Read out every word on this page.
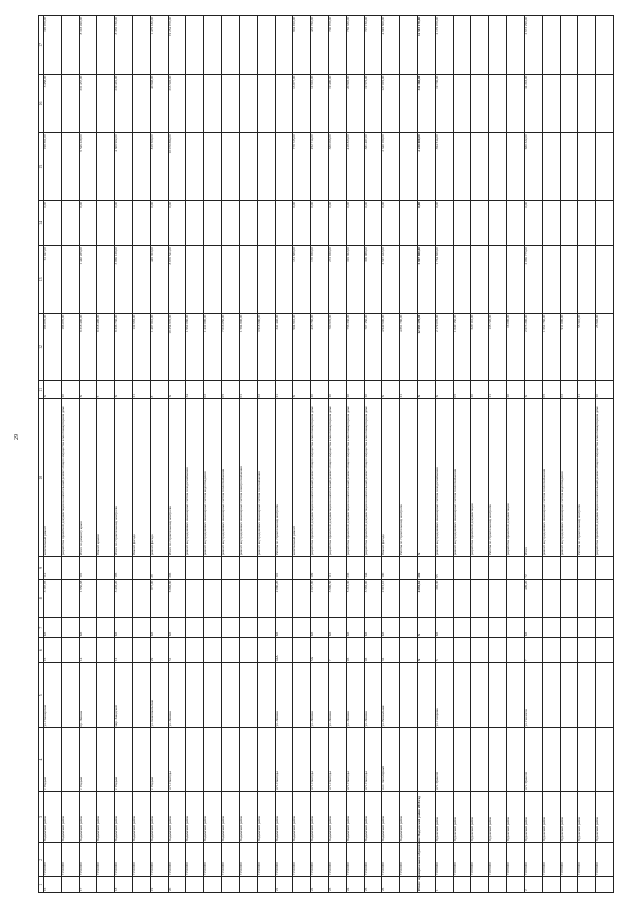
29
1	2	3	4	5	6	7	8	9	10	11	12	13	14	15	16	17
16	71510000	Надымский район	г. Надым	ул. Пионерская	16	КН	3 187,95	114	капитальный ремонт	X	196 070,00	61 047,00	0,00	198 361,00	3 458,00	196 070,00
	71510000	Надымский район							разработка проектной документации на капитальный ремонт общего имущества в многоквартирном доме	20	196 070,00					
17	71510000	Надымский район	г. Надым	пр. Ленина	14	КН	1 950,98	101	Итого по ремонту крыш	X	8 318 490,00	1 440 285,00	0,00	6 546 229,00	331 457,00	8 318 490,00
	71510000	Надымский район							Ремонт крыши	5	8 318 490,00					
18	71510000	Надымский район	г. Надым	мкр. Заводской	12	КН	3 435,20	185	Итого по строительному контролю	X	8 336 730,00	3 866 128,00	0,00	4 609 902,00	239 491,00	8 336 730,00
	71510000	Надымский район							Ремонт фасада	21	132 665,00					
19	71510000	Надымский район	г. Надым	ул. Комсомольская	29	КН	877,00	29	ремонт фасада	8	1 487 810,00	449 363,00	0,00	819 500,00	40 948,00	1 479 180,00
20	71510000	Надымский район	пгт. Пангоды	ул. Ленина	51	КН	6 882,80	206	Итого по строительному контролю	X	19 254 970,00	8 870 541,00	0,00	10 070 884,00	313 545,00	19 254 970,00
	71510000	Надымский район							ремонт внутридомовых инженерных систем холодоснабжения	34	1 962 080,00					
	71510000	Надымский район							ремонт внутридомовых инженерных систем водоотведения	03	1 432 090,00					
	71510000	Надымский район							ремонт внутридомовых инженерных систем теплоснабжения	05	7 016 050,00					
	71510000	Надымский район							ремонт внутридомовых инженерных систем электроснабжения	01	1 584 800,00					
	71510000	Надымский район							ремонт внутридомовых инженерных систем газоснабжения	02	3 918 680,00					
21	71510000	Надымский район	пгт. Пангоды	ул. Ленина	44А	КН	2 080,20	101	Работы по строительному контролю	21	341 440,00					
	71510000	Надымский район							капитальный ремонт	X	904 910,00	131 688,00	0,00	779 725,00	13 877,00	904 910,00
22	71510000	Надымский район	пгт. Пангоды	ул. Ленина	5А	КН	2 027,90	109	разработка проектной документации на капитальный ремонт общего имущества в многоквартирном доме	20	435 760,00	170 930,00	0,00	252 714,00	12 610,00	435 760,00
23	71510000	Надымский район	пгт. Пангоды	ул. Ленина	7	КН	3 986,50	111	разработка проектной документации на капитальный ремонт общего имущества в многоквартирном доме	20	700 970,00	272 930,00	0,00	380 066,00	19 490,00	700 970,00
24	71510000	Надымский район	пгт. Пангоды	ул. Ленина	45	КН	5 213,30	236	разработка проектной документации на капитальный ремонт общего имущества в многоквартирном доме	20	756 330,00	316 362,00	0,00	418 823,00	20 945,00	756 330,00
25	71510000	Надымский район	пгт. Пангоды	ул. Ленина	46	КН	3 565,00	144	разработка проектной документации на капитальный ремонт общего имущества в многоквартирном доме	20	707 150,00	306 088,00	0,00	381 487,00	19 575,00	707 150,00
26	71510000	Надымский район	пос. Заполярный	ул. Вокзальная	32	КН	2 815,10	100	Ремонт фасада	X	4 949 600,00	2 527 422,00	0,00	2 340 180,00	127 019,00	4 949 600,00
	71510000	Надымский район							Работы по строительному контролю	21	4 861 780,00					
Итого: муниципальное образование Надымский район 2018 год					X	X	4 855,62	292	X	X	12 593 170,00	5 967 800,00	0,00	2 238 000,00	311 360,00	12 593 170,00
1	71870000	Пуровский район	пгт. Уренгой	ул. Газпрома	5	КН	393,30	65	ремонт внутридомовых инженерных систем холодоснабжения	X	2 179 070,00	1 764 820,00	0,00	394 514,00	19 736,00	2 179 070,00
	71870000	Пуровский район							ремонт внутридомовых инженерных систем теплоснабжения	05	1 049 150,00					
	71870000	Пуровский район							разработка проектной документации	20	629 110,00					
	71870000	Пуровский район							Работы по строительному контролю	21	135 720,00					
	71870000	Пуровский район							разработка проектной документации	20	16 090,00					
2	71870000	Пуровский район	пгт. Уренгой	ул. Геологов	7	КН	409,20	72	Итого	X	2 673 290,00	2 066 775,00	0,00	680 322,00	34 218,00	2 673 290,00
	71870000	Пуровский район							ремонт внутридомовых инженерных систем теплоснабжения	05	1 662 760,00					
	71870000	Пуровский район							ремонт внутридомовых инженерных систем водоотведения	03	911 090,00					
	71870000	Пуровский район							Работы по строительному контролю	21	55 510,00					
	71870000	Пуровский район							разработка проектной документации на капитальный ремонт общего имущества в многоквартирном доме	20	25 946,00					
